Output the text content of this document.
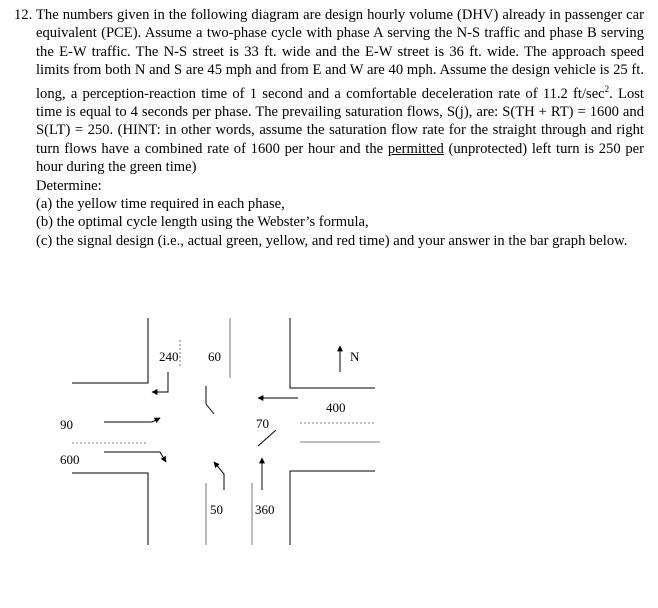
12. The numbers given in the following diagram are design hourly volume (DHV) already in passenger car equivalent (PCE). Assume a two-phase cycle with phase A serving the N-S traffic and phase B serving the E-W traffic. The N-S street is 33 ft. wide and the E-W street is 36 ft. wide. The approach speed limits from both N and S are 45 mph and from E and W are 40 mph. Assume the design vehicle is 25 ft. long, a perception-reaction time of 1 second and a comfortable deceleration rate of 11.2 $ft/\sec^2$. Lost time is equal to 4 seconds per phase. The prevailing saturation flows, S(j), are: S(TH + RT) = 1600 and S(LT) = 250. (HINT: in other words, assume the saturation flow rate for the straight through and right turn flows have a combined rate of 1600 per hour and the permitted (unprotected) left turn is 250 per hour during the green time)

Determine:

(a) the yellow time required in each phase,

(b) the optimal cycle length using the Webster’s formula,

(c) the signal design (i.e., actual green, yellow, and red time) and your answer in the bar graph below.

240 60	N
400
90	70
600
50 360
